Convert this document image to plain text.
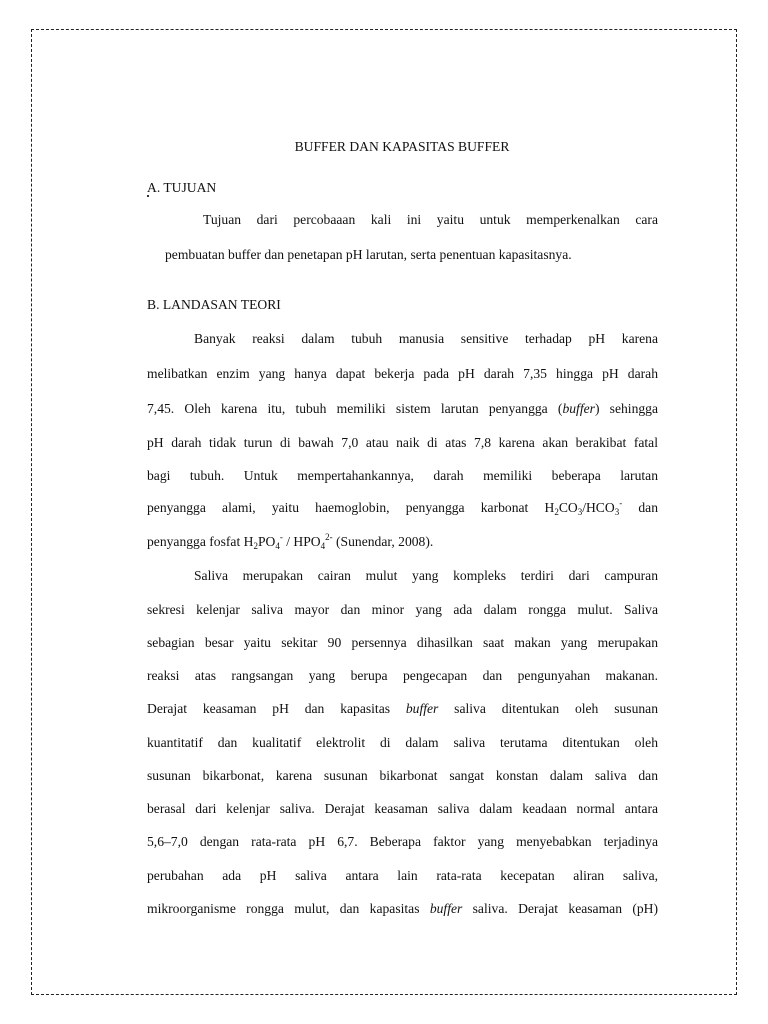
BUFFER DAN KAPASITAS BUFFER
A. TUJUAN
Tujuan dari percobaaan kali ini yaitu untuk memperkenalkan cara
pembuatan buffer dan penetapan pH larutan, serta penentuan kapasitasnya.
B. LANDASAN TEORI
Banyak reaksi dalam tubuh manusia sensitive terhadap pH karena
melibatkan enzim yang hanya dapat bekerja pada pH darah 7,35 hingga pH darah
7,45. Oleh karena itu, tubuh memiliki sistem larutan penyangga (buffer) sehingga
pH darah tidak turun di bawah 7,0 atau naik di atas 7,8 karena akan berakibat fatal
bagi tubuh. Untuk mempertahankannya, darah memiliki beberapa larutan
penyangga alami, yaitu haemoglobin, penyangga karbonat $H_2CO_3/HCO_3^-$ dan
penyangga fosfat $H_2PO_4^- / HPO_4^{2-}$ (Sunendar, 2008).
Saliva merupakan cairan mulut yang kompleks terdiri dari campuran
sekresi kelenjar saliva mayor dan minor yang ada dalam rongga mulut. Saliva
sebagian besar yaitu sekitar 90 persennya dihasilkan saat makan yang merupakan
reaksi atas rangsangan yang berupa pengecapan dan pengunyahan makanan.
Derajat keasaman pH dan kapasitas buffer saliva ditentukan oleh susunan
kuantitatif dan kualitatif elektrolit di dalam saliva terutama ditentukan oleh
susunan bikarbonat, karena susunan bikarbonat sangat konstan dalam saliva dan
berasal dari kelenjar saliva. Derajat keasaman saliva dalam keadaan normal antara
5,6–7,0 dengan rata-rata pH 6,7. Beberapa faktor yang menyebabkan terjadinya
perubahan ada pH saliva antara lain rata-rata kecepatan aliran saliva,
mikroorganisme rongga mulut, dan kapasitas buffer saliva. Derajat keasaman (pH)
